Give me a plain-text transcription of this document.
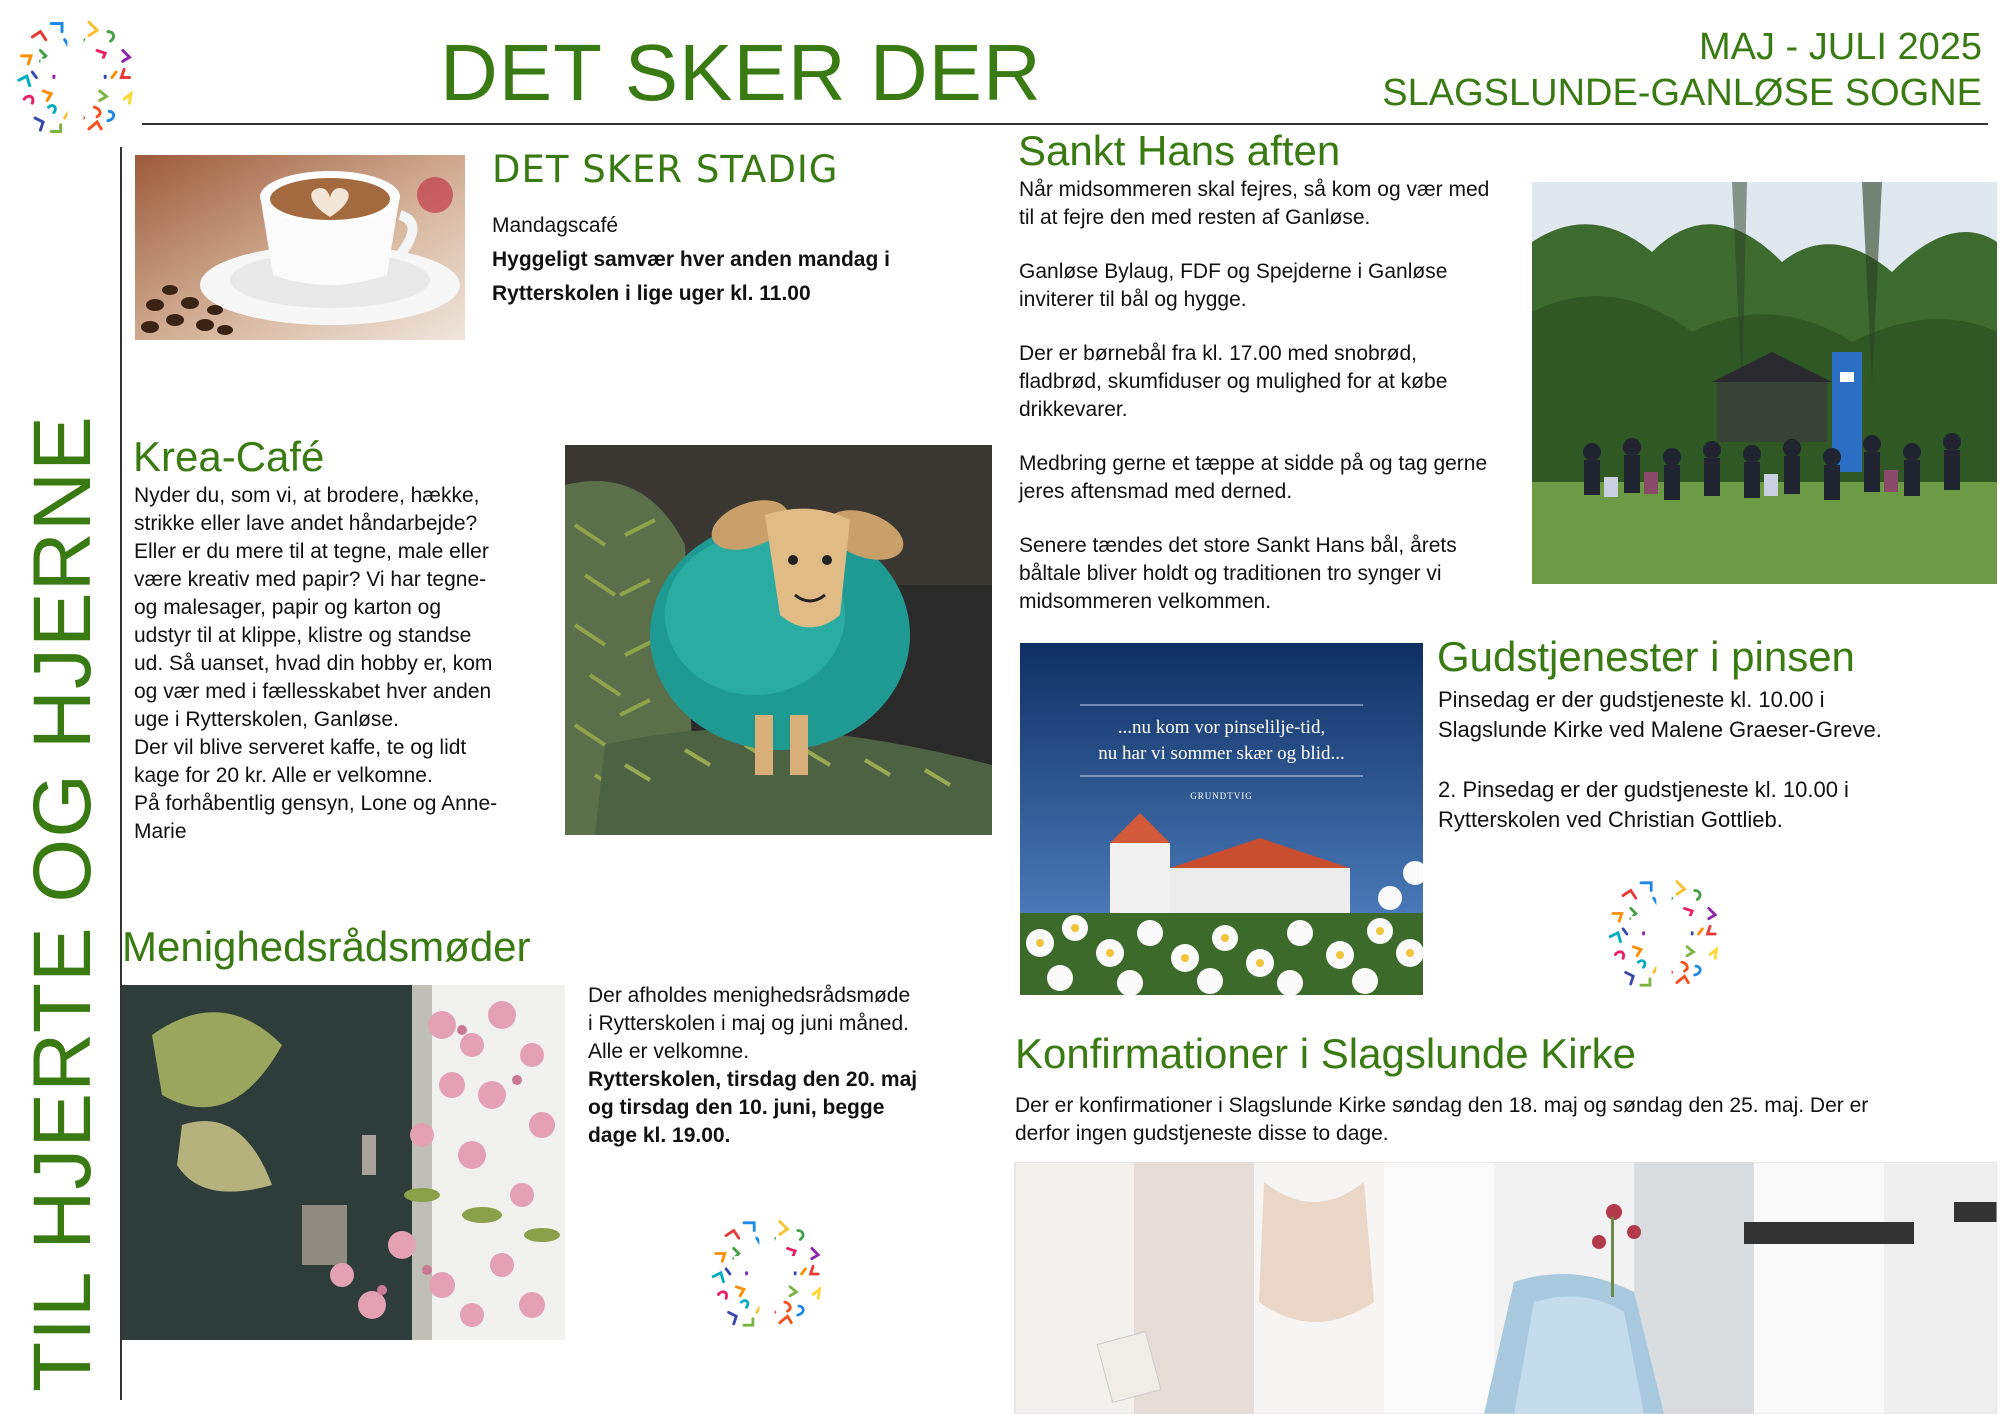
DET SKER DER	MAJ - JULI 2025
SLAGSLUNDE-GANLØSE SOGNE
TIL HJERTE OG HJERNE
DET SKER STADIG

Mandagscafé

Hyggeligt samvær hver anden mandag i

Rytterskolen i lige uger kl. 11.00

Krea-Café

Nyder du, som vi, at brodere, hække,

strikke eller lave andet håndarbejde?

Eller er du mere til at tegne, male eller

være kreativ med papir? Vi har tegne-

og malesager, papir og karton og

udstyr til at klippe, klistre og standse

ud. Så uanset, hvad din hobby er, kom

og vær med i fællesskabet hver anden

uge i Rytterskolen, Ganløse.

Der vil blive serveret kaffe, te og lidt

kage for 20 kr. Alle er velkomne.

På forhåbentlig gensyn, Lone og Anne-

Marie

Menighedsrådsmøder

Der afholdes menighedsrådsmøde

i Rytterskolen i maj og juni måned.

Alle er velkomne.

Rytterskolen, tirsdag den 20. maj

og tirsdag den 10. juni, begge

dage kl. 19.00.

Sankt Hans aften

Når midsommeren skal fejres, så kom og vær med

til at fejre den med resten af Ganløse.

Ganløse Bylaug, FDF og Spejderne i Ganløse

inviterer til bål og hygge.

Der er børnebål fra kl. 17.00 med snobrød,

fladbrød, skumfiduser og mulighed for at købe

drikkevarer.

Medbring gerne et tæppe at sidde på og tag gerne

jeres aftensmad med derned.

Senere tændes det store Sankt Hans bål, årets

båltale bliver holdt og traditionen tro synger vi

midsommeren velkommen.

...nu kom vor pinselilje-tid,
nu har vi sommer skær og blid...
GRUNDTVIG
Gudstjenester i pinsen

Pinsedag er der gudstjeneste kl. 10.00 i

Slagslunde Kirke ved Malene Graeser-Greve.

2. Pinsedag er der gudstjeneste kl. 10.00 i

Rytterskolen ved Christian Gottlieb.

Konfirmationer i Slagslunde Kirke

Der er konfirmationer i Slagslunde Kirke søndag den 18. maj og søndag den 25. maj. Der er

derfor ingen gudstjeneste disse to dage.
